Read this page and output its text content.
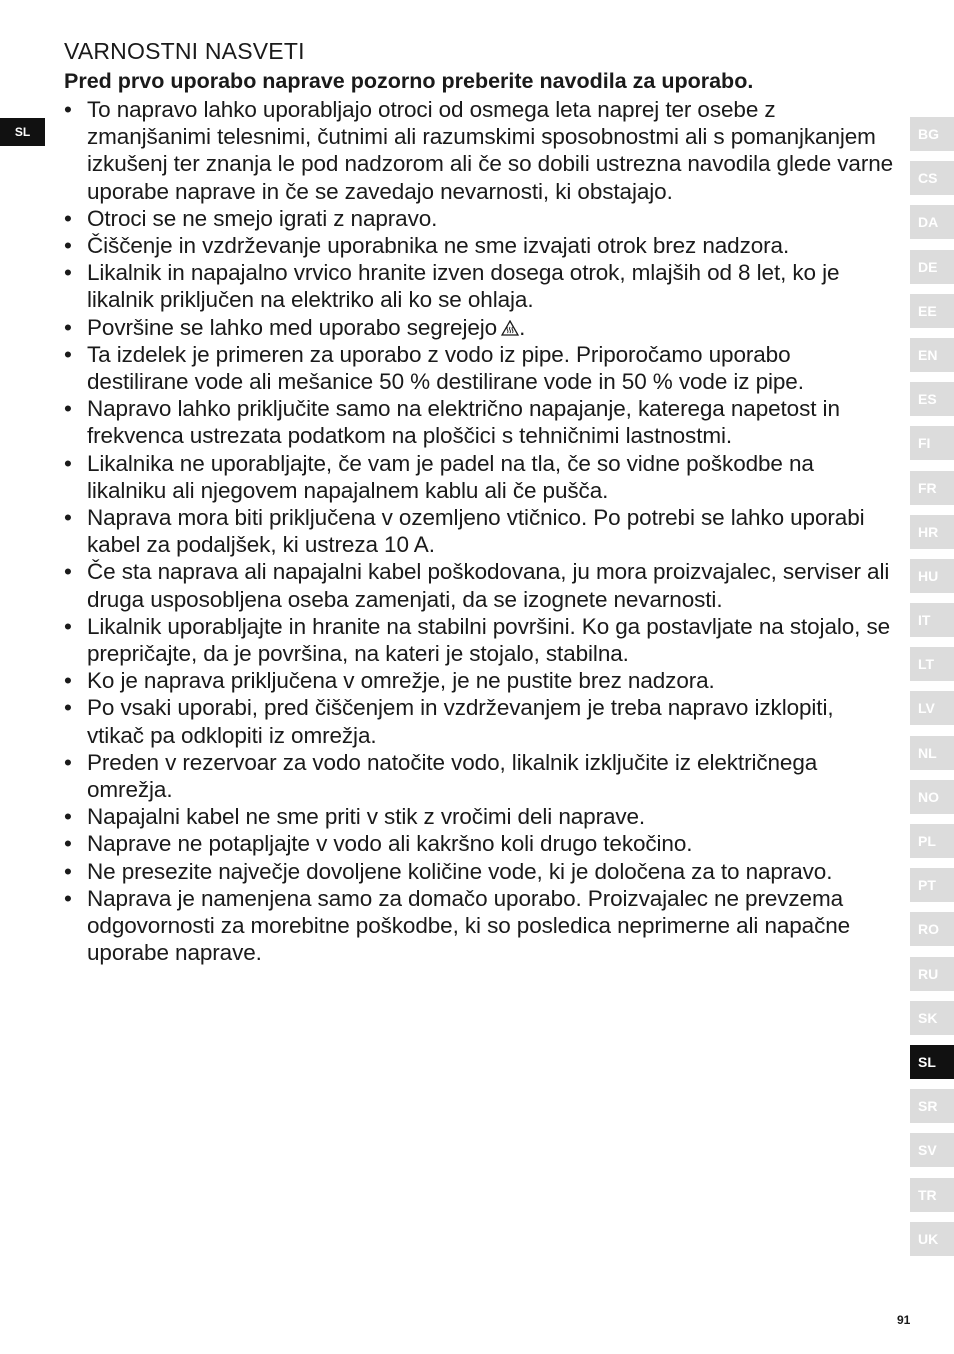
SL
VARNOSTNI NASVETI

Pred prvo uporabo naprave pozorno preberite navodila za uporabo.

• To napravo lahko uporabljajo otroci od osmega leta naprej ter osebe z zmanjšanimi telesnimi, čutnimi ali razumskimi sposobnostmi ali s pomanjkanjem izkušenj ter znanja le pod nadzorom ali če so dobili ustrezna navodila glede varne uporabe naprave in če se zavedajo nevarnosti, ki obstajajo.
• Otroci se ne smejo igrati z napravo.
• Čiščenje in vzdrževanje uporabnika ne sme izvajati otrok brez nadzora.
• Likalnik in napajalno vrvico hranite izven dosega otrok, mlajših od 8 let, ko je likalnik priključen na elektriko ali ko se ohlaja.
• Površine se lahko med uporabo segrejejo .
• Ta izdelek je primeren za uporabo z vodo iz pipe. Priporočamo uporabo destilirane vode ali mešanice 50 % destilirane vode in 50 % vode iz pipe.
• Napravo lahko priključite samo na električno napajanje, katerega napetost in frekvenca ustrezata podatkom na ploščici s tehničnimi lastnostmi.
• Likalnika ne uporabljajte, če vam je padel na tla, če so vidne poškodbe na likalniku ali njegovem napajalnem kablu ali če pušča.
• Naprava mora biti priključena v ozemljeno vtičnico. Po potrebi se lahko uporabi kabel za podaljšek, ki ustreza 10 A.
• Če sta naprava ali napajalni kabel poškodovana, ju mora proizvajalec, serviser ali druga usposobljena oseba zamenjati, da se izognete nevarnosti.
• Likalnik uporabljajte in hranite na stabilni površini. Ko ga postavljate na stojalo, se prepričajte, da je površina, na kateri je stojalo, stabilna.
• Ko je naprava priključena v omrežje, je ne pustite brez nadzora.
• Po vsaki uporabi, pred čiščenjem in vzdrževanjem je treba napravo izklopiti, vtikač pa odklopiti iz omrežja.
• Preden v rezervoar za vodo natočite vodo, likalnik izključite iz električnega omrežja.
• Napajalni kabel ne sme priti v stik z vročimi deli naprave.
• Naprave ne potapljajte v vodo ali kakršno koli drugo tekočino.
• Ne presezite največje dovoljene količine vode, ki je določena za to napravo.
• Naprava je namenjena samo za domačo uporabo. Proizvajalec ne prevzema odgovornosti za morebitne poškodbe, ki so posledica neprimerne ali napačne uporabe naprave.
BG
CS
DA
DE
EE
EN
ES
FI
FR
HR
HU
IT
LT
LV
NL
NO
PL
PT
RO
RU
SK
SL
SR
SV
TR
UK
91
